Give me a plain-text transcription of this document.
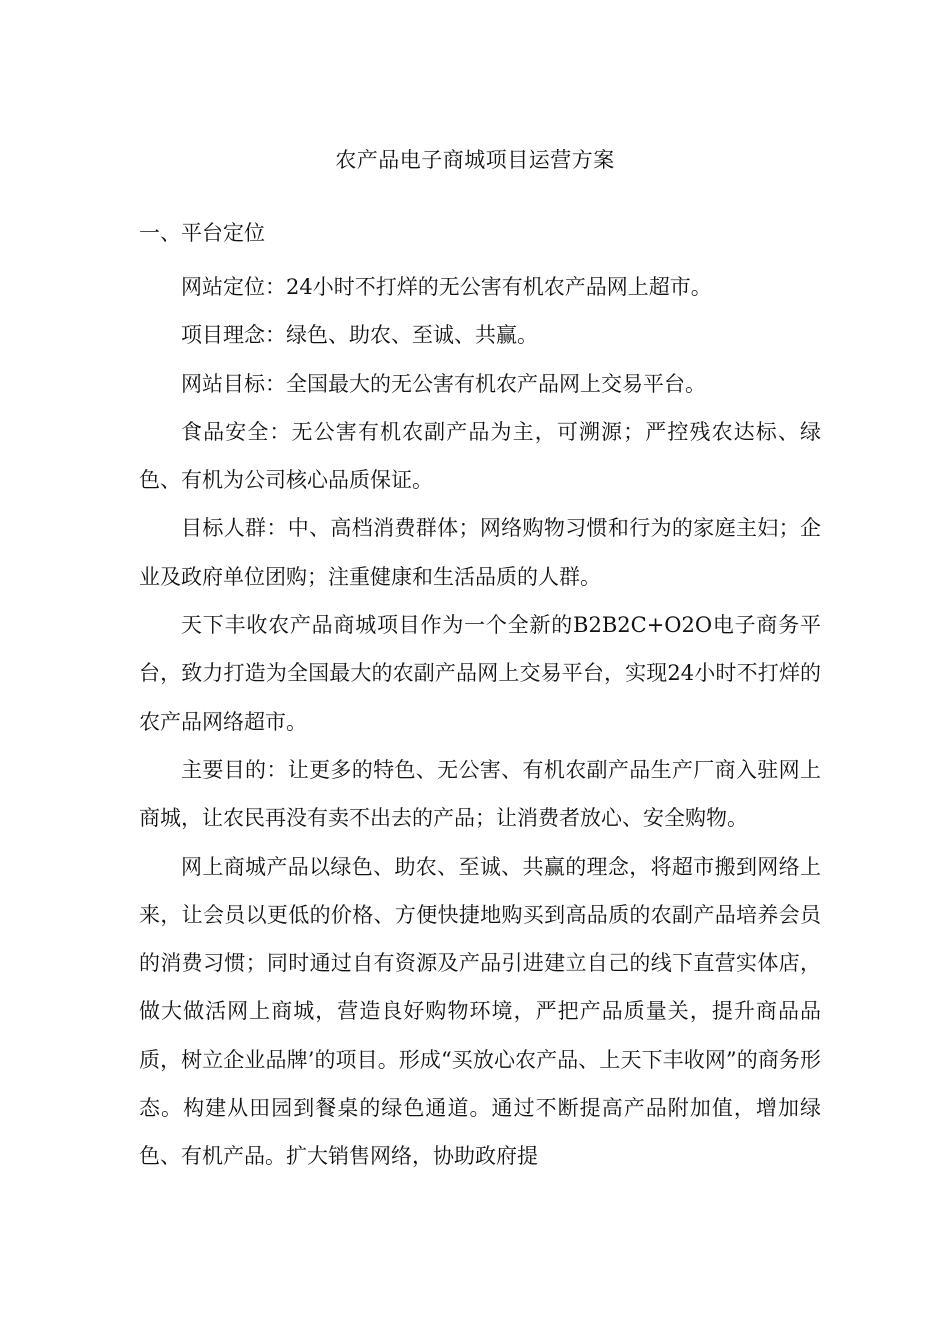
农产品电子商城项目运营方案
一、平台定位

网站定位：24小时不打烊的无公害有机农产品网上超市。

项目理念：绿色、助农、至诚、共赢。

网站目标：全国最大的无公害有机农产品网上交易平台。

食品安全：无公害有机农副产品为主，可溯源；严控残农达标、绿色、有机为公司核心品质保证。

目标人群：中、高档消费群体；网络购物习惯和行为的家庭主妇；企业及政府单位团购；注重健康和生活品质的人群。

天下丰收农产品商城项目作为一个全新的B2B2C+O2O电子商务平台，致力打造为全国最大的农副产品网上交易平台，实现24小时不打烊的农产品网络超市。

主要目的：让更多的特色、无公害、有机农副产品生产厂商入驻网上商城，让农民再没有卖不出去的产品；让消费者放心、安全购物。

网上商城产品以绿色、助农、至诚、共赢的理念，将超市搬到网络上来，让会员以更低的价格、方便快捷地购买到高品质的农副产品培养会员的消费习惯；同时通过自有资源及产品引进建立自己的线下直营实体店，做大做活网上商城，营造良好购物环境，严把产品质量关，提升商品品质，树立企业品牌’的项目。形成“买放心农产品、上天下丰收网”的商务形态。构建从田园到餐桌的绿色通道。通过不断提高产品附加值，增加绿色、有机产品。扩大销售网络，协助政府提
